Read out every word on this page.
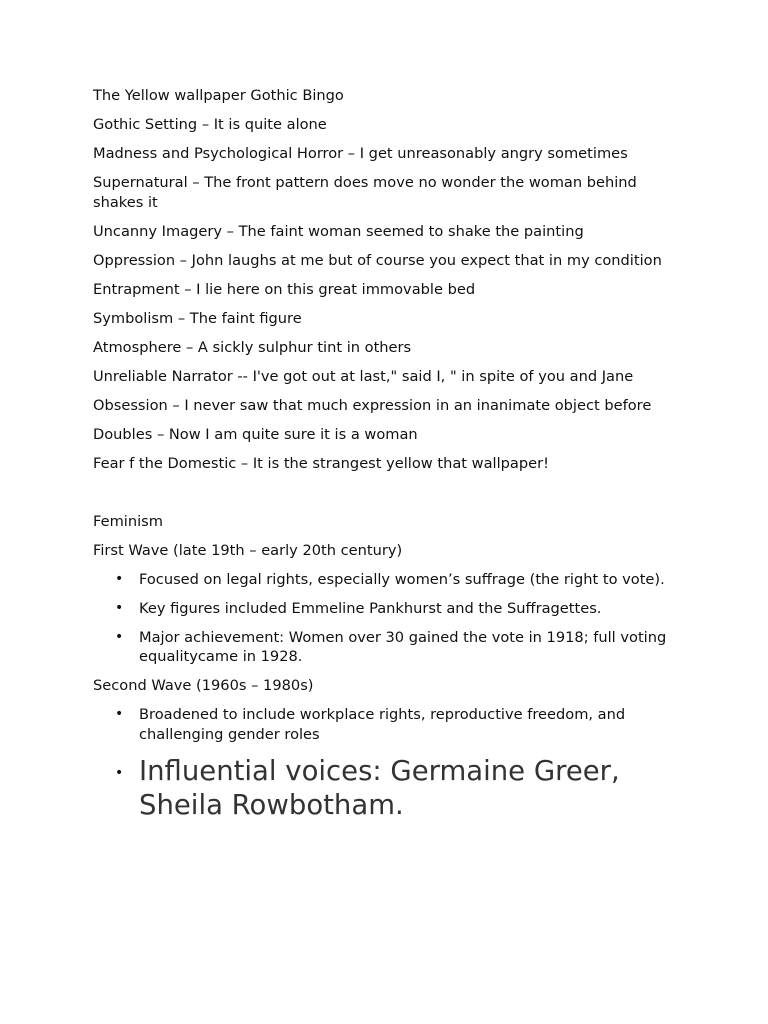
The Yellow wallpaper Gothic Bingo

Gothic Setting – It is quite alone

Madness and Psychological Horror – I get unreasonably angry sometimes

Supernatural – The front pattern does move no wonder the woman behind shakes it

Uncanny Imagery – The faint woman seemed to shake the painting

Oppression – John laughs at me but of course you expect that in my condition

Entrapment – I lie here on this great immovable bed

Symbolism – The faint figure

Atmosphere – A sickly sulphur tint in others

Unreliable Narrator -- I've got out at last," said I, " in spite of you and Jane

Obsession – I never saw that much expression in an inanimate object before

Doubles – Now I am quite sure it is a woman

Fear f the Domestic – It is the strangest yellow that wallpaper!

Feminism

First Wave (late 19th – early 20th century)

• Focused on legal rights, especially women’s suffrage (the right to vote).
• Key figures included Emmeline Pankhurst and the Suffragettes.
• Major achievement: Women over 30 gained the vote in 1918; full voting equalitycame in 1928.

Second Wave (1960s – 1980s)

• Broadened to include workplace rights, reproductive freedom, and challenging gender roles
• Influential voices: Germaine Greer, Sheila Rowbotham.
